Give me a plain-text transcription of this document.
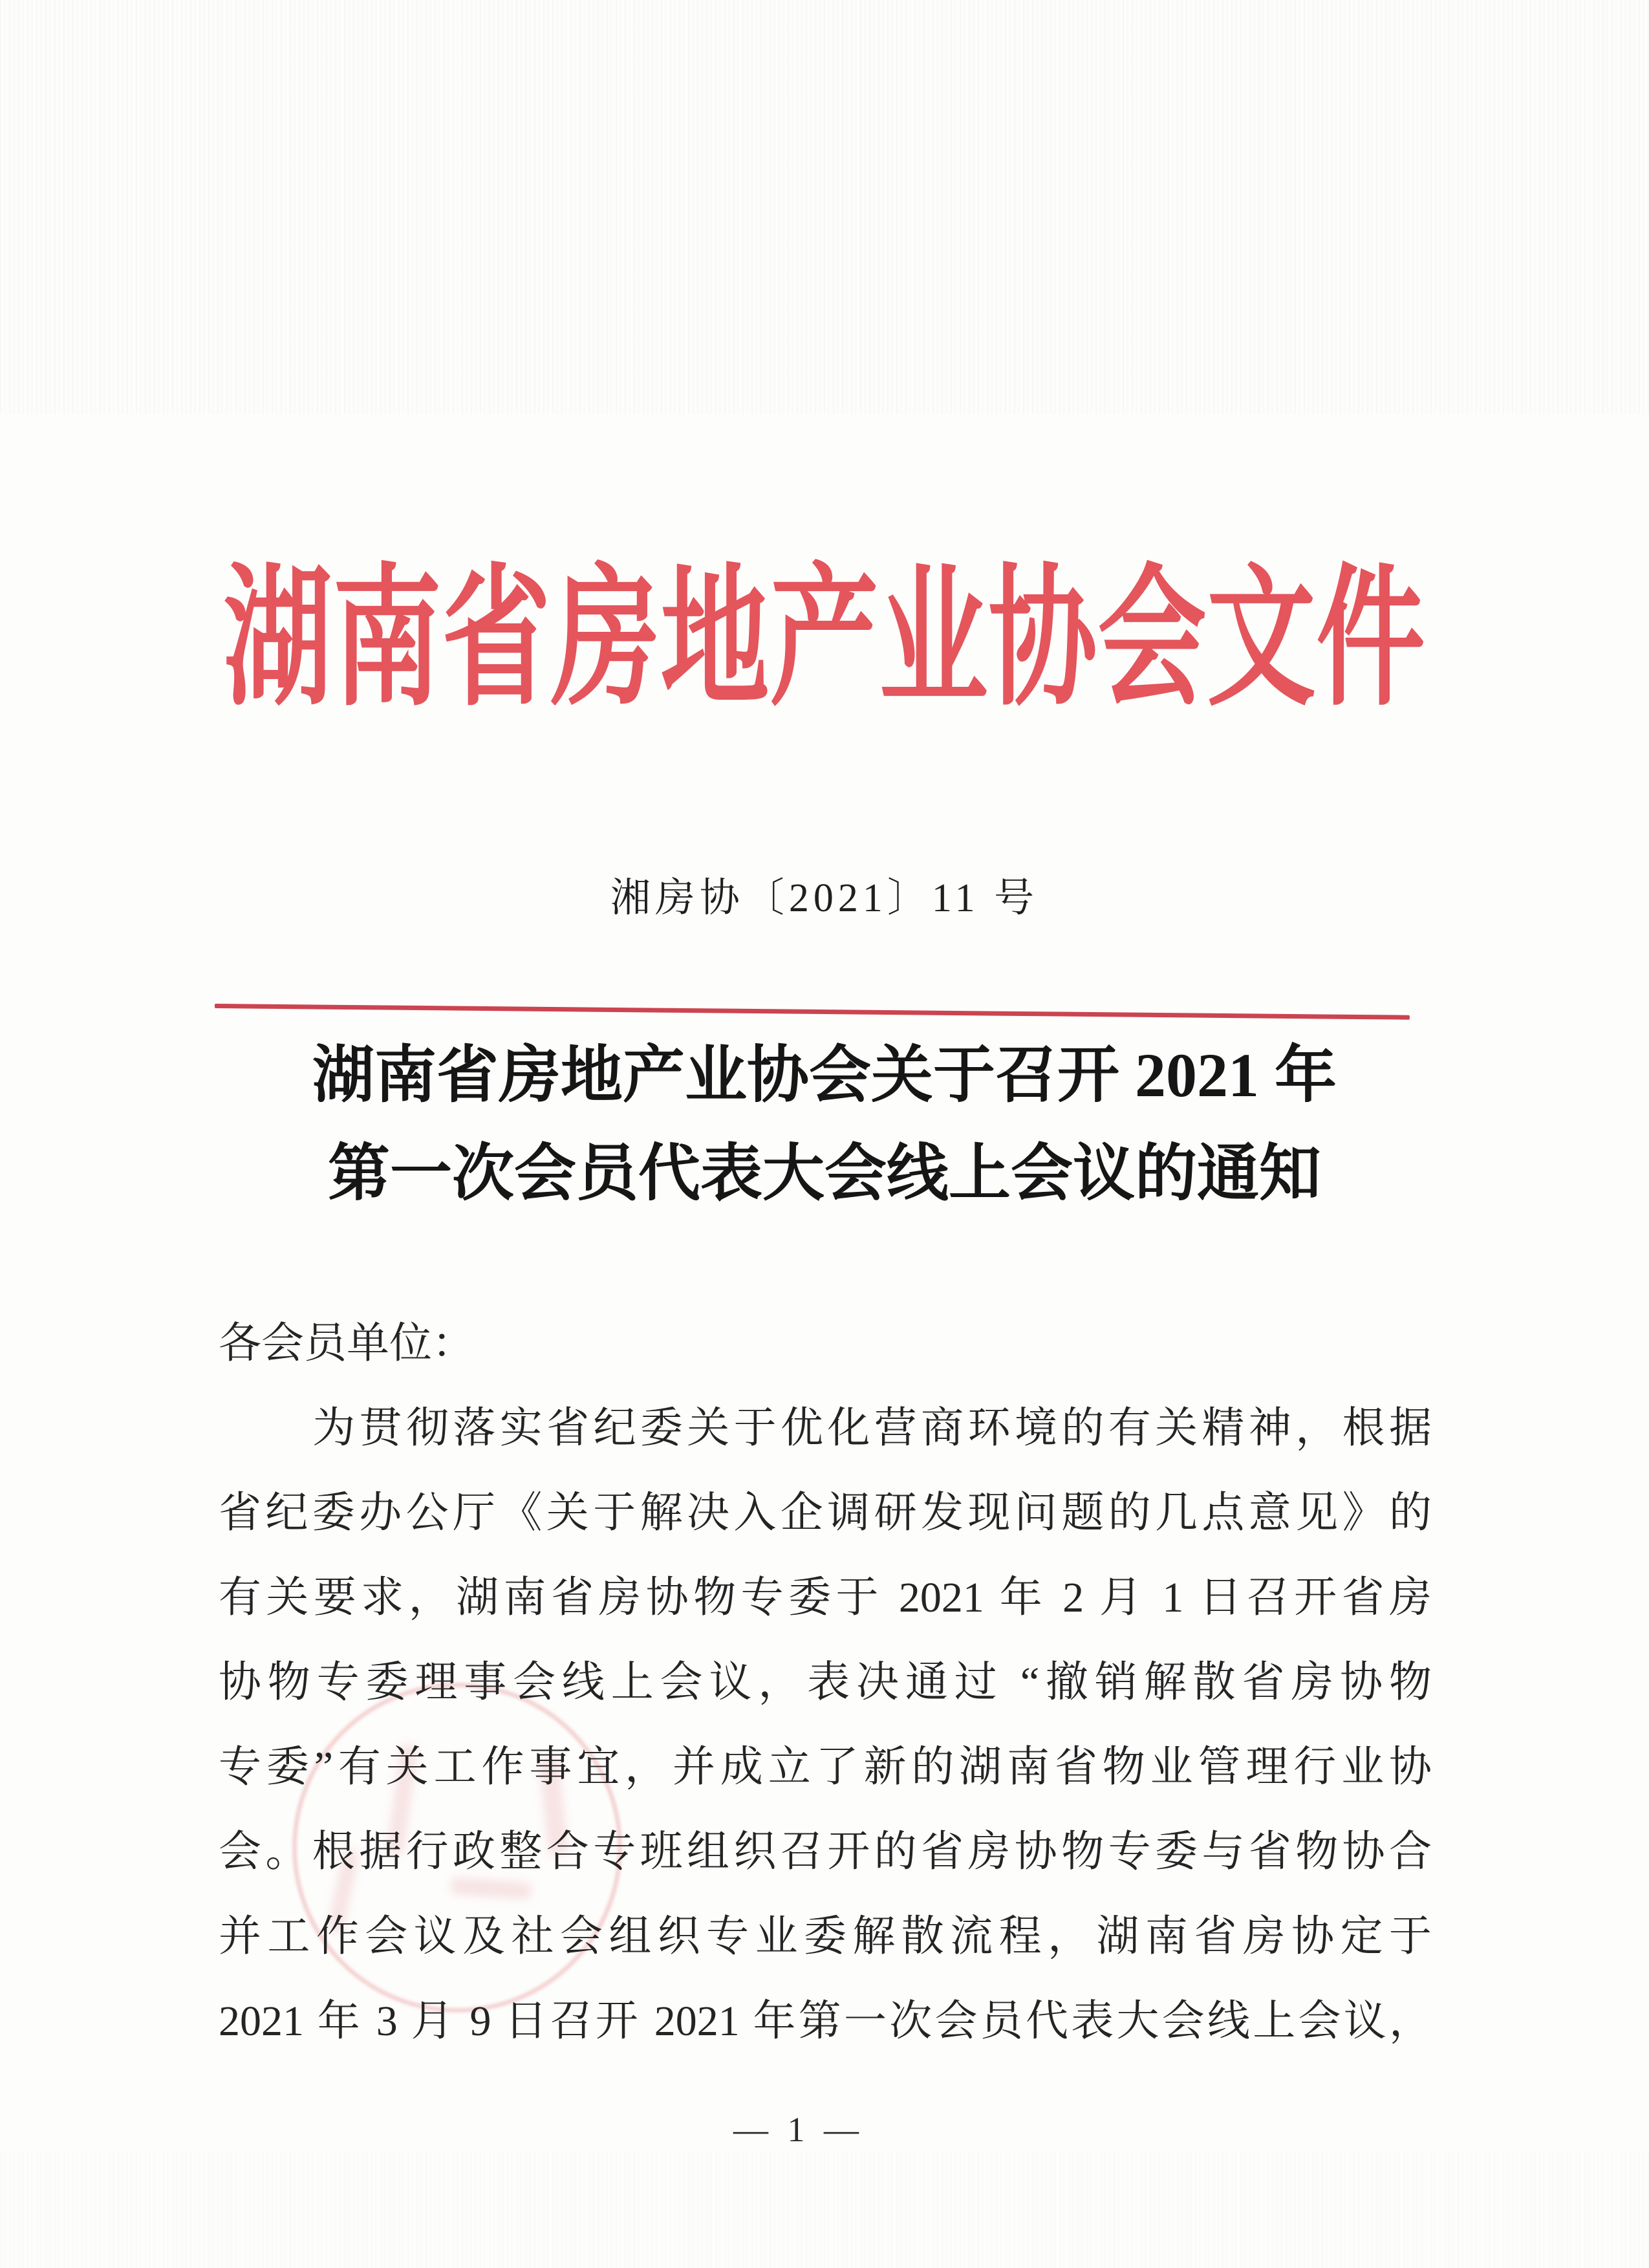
湖南省房地产业协会文件
湘房协〔2021〕11 号
湖南省房地产业协会关于召开 2021 年
第一次会员代表大会线上会议的通知
各会员单位：
为贯彻落实省纪委关于优化营商环境的有关精神，根据
省纪委办公厅《关于解决入企调研发现问题的几点意见》的
有关要求，湖南省房协物专委于 2021 年 2 月 1 日召开省房
协物专委理事会线上会议，表决通过 “撤销解散省房协物
专委”有关工作事宜，并成立了新的湖南省物业管理行业协
会。根据行政整合专班组织召开的省房协物专委与省物协合
并工作会议及社会组织专业委解散流程，湖南省房协定于
2021 年 3 月 9 日召开 2021 年第一次会员代表大会线上会议，
— 1 —
